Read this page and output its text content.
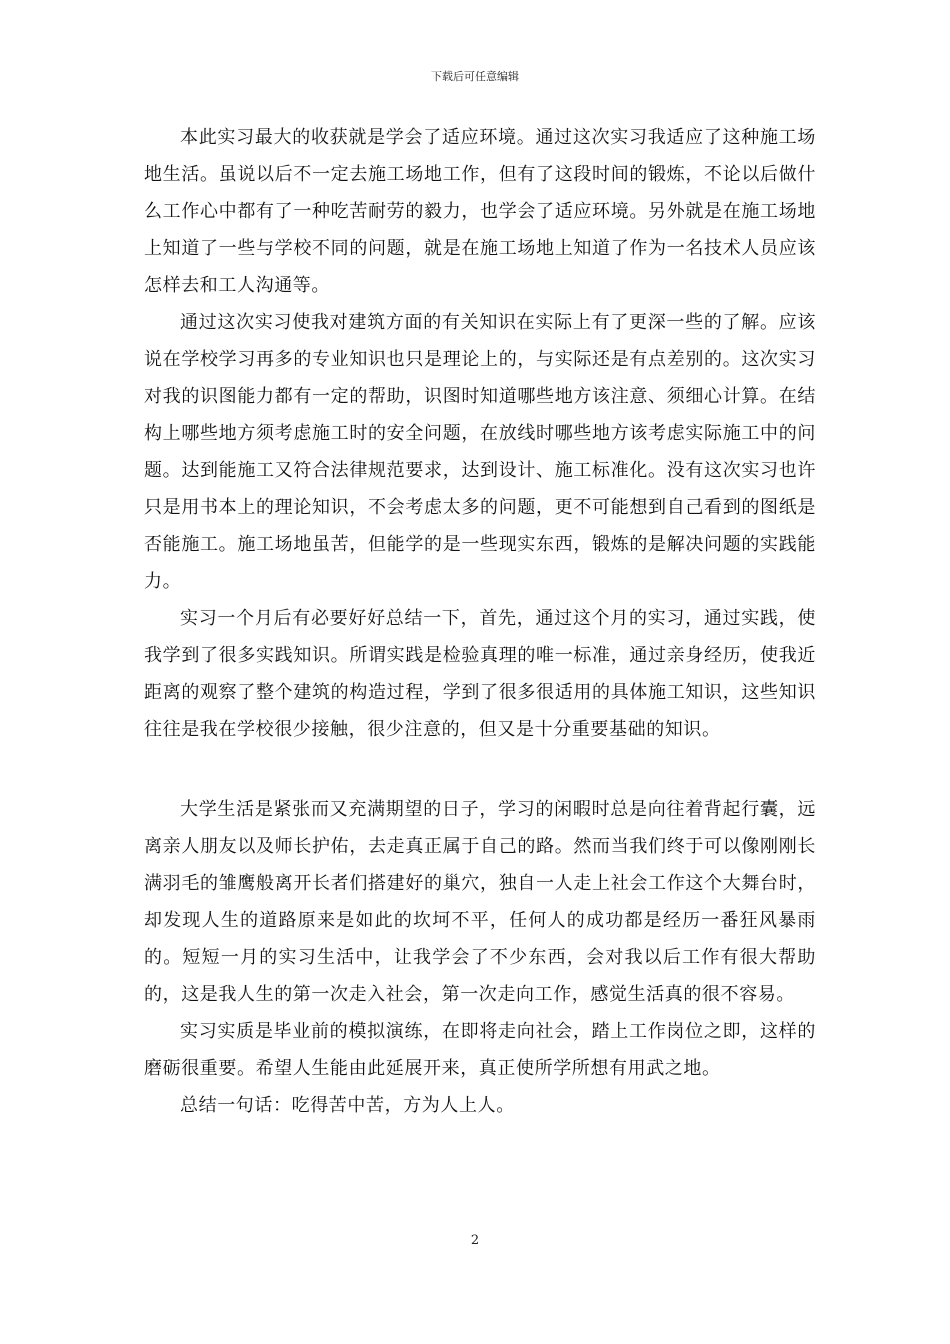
下载后可任意编辑

本此实习最大的收获就是学会了适应环境。通过这次实习我适应了这种施工场地生活。虽说以后不一定去施工场地工作，但有了这段时间的锻炼，不论以后做什么工作心中都有了一种吃苦耐劳的毅力，也学会了适应环境。另外就是在施工场地上知道了一些与学校不同的问题，就是在施工场地上知道了作为一名技术人员应该怎样去和工人沟通等。

通过这次实习使我对建筑方面的有关知识在实际上有了更深一些的了解。应该说在学校学习再多的专业知识也只是理论上的，与实际还是有点差别的。这次实习对我的识图能力都有一定的帮助，识图时知道哪些地方该注意、须细心计算。在结构上哪些地方须考虑施工时的安全问题，在放线时哪些地方该考虑实际施工中的问题。达到能施工又符合法律规范要求，达到设计、施工标准化。没有这次实习也许只是用书本上的理论知识，不会考虑太多的问题，更不可能想到自己看到的图纸是否能施工。施工场地虽苦，但能学的是一些现实东西，锻炼的是解决问题的实践能力。

实习一个月后有必要好好总结一下，首先，通过这个月的实习，通过实践，使我学到了很多实践知识。所谓实践是检验真理的唯一标准，通过亲身经历，使我近距离的观察了整个建筑的构造过程，学到了很多很适用的具体施工知识，这些知识往往是我在学校很少接触，很少注意的，但又是十分重要基础的知识。

大学生活是紧张而又充满期望的日子，学习的闲暇时总是向往着背起行囊，远离亲人朋友以及师长护佑，去走真正属于自己的路。然而当我们终于可以像刚刚长满羽毛的雏鹰般离开长者们搭建好的巢穴，独自一人走上社会工作这个大舞台时，却发现人生的道路原来是如此的坎坷不平，任何人的成功都是经历一番狂风暴雨的。短短一月的实习生活中，让我学会了不少东西，会对我以后工作有很大帮助的，这是我人生的第一次走入社会，第一次走向工作，感觉生活真的很不容易。

实习实质是毕业前的模拟演练，在即将走向社会，踏上工作岗位之即，这样的磨砺很重要。希望人生能由此延展开来，真正使所学所想有用武之地。

总结一句话：吃得苦中苦，方为人上人。

2
